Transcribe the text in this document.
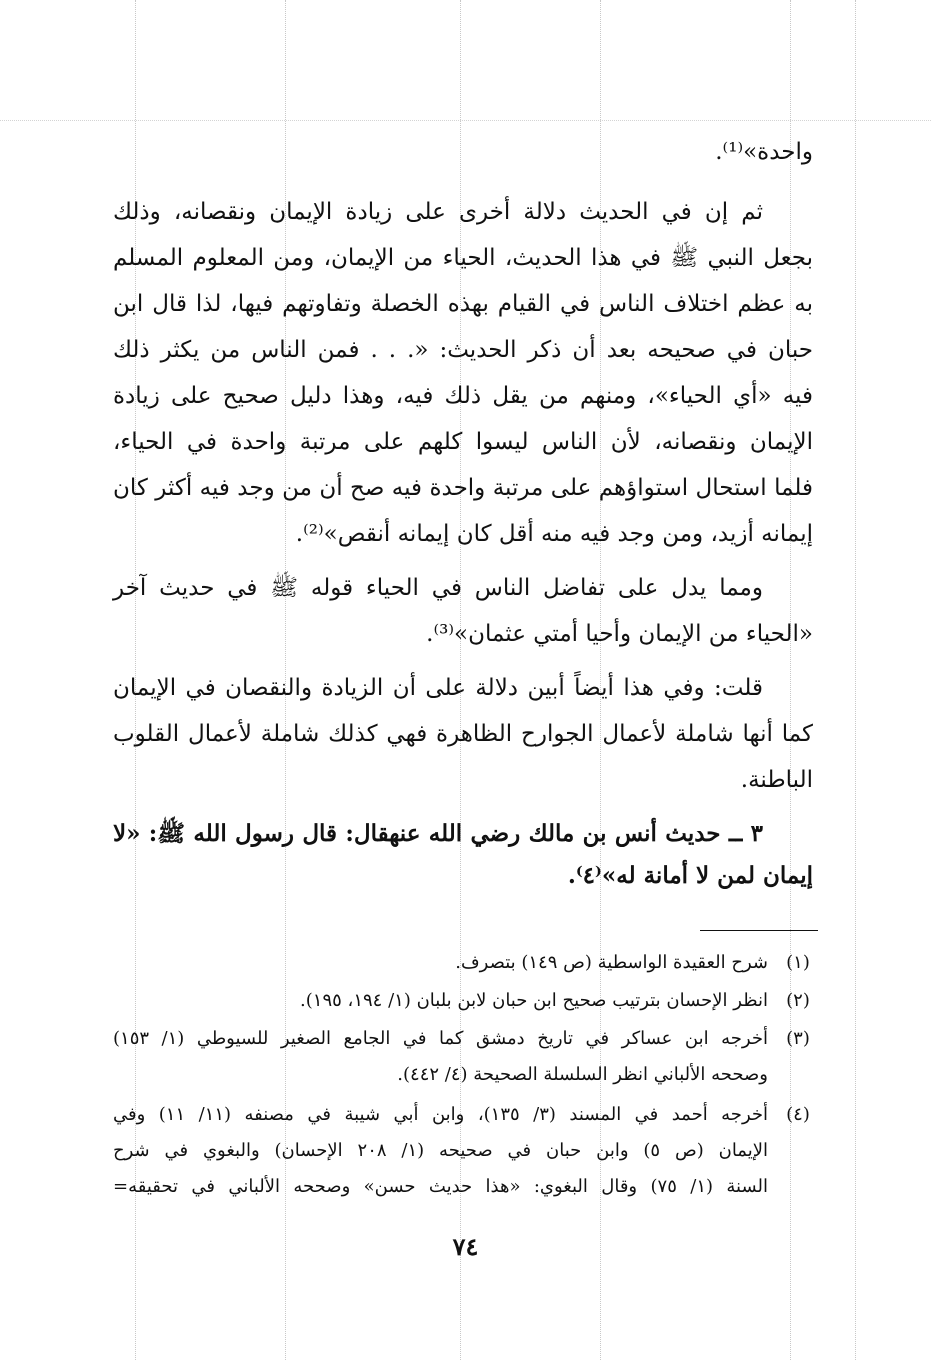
واحدة»⁽¹⁾.
ثم إن في الحديث دلالة أخرى على زيادة الإيمان ونقصانه، وذلك
بجعل النبي ﷺ في هذا الحديث، الحياء من الإيمان، ومن المعلوم المسلم
به عظم اختلاف الناس في القيام بهذه الخصلة وتفاوتهم فيها، لذا قال ابن
حبان في صحيحه بعد أن ذكر الحديث: «. . . فمن الناس من يكثر ذلك
فيه «أي الحياء»، ومنهم من يقل ذلك فيه، وهذا دليل صحيح على زيادة
الإيمان ونقصانه، لأن الناس ليسوا كلهم على مرتبة واحدة في الحياء،
فلما استحال استواؤهم على مرتبة واحدة فيه صح أن من وجد فيه أكثر كان
إيمانه أزيد، ومن وجد فيه منه أقل كان إيمانه أنقص»⁽²⁾.
ومما يدل على تفاضل الناس في الحياء قوله ﷺ في حديث آخر
«الحياء من الإيمان وأحيا أمتي عثمان»⁽³⁾.
قلت: وفي هذا أيضاً أبين دلالة على أن الزيادة والنقصان في الإيمان
كما أنها شاملة لأعمال الجوارح الظاهرة فهي كذلك شاملة لأعمال القلوب
الباطنة.
٣ ــ حديث أنس بن مالك رضي الله عنهقال: قال رسول الله ﷺ: «لا
إيمان لمن لا أمانة له»⁽٤⁾.
(١)
شرح العقيدة الواسطية (ص ١٤٩) بتصرف.
(٢)
انظر الإحسان بترتيب صحيح ابن حبان لابن بلبان (١/ ١٩٤، ١٩٥).
(٣)
أخرجه ابن عساكر في تاريخ دمشق كما في الجامع الصغير للسيوطي (١/ ١٥٣)
وصححه الألباني انظر السلسلة الصحيحة (٤/ ٤٤٢).
(٤)
أخرجه أحمد في المسند (٣/ ١٣٥)، وابن أبي شيبة في مصنفه (١١/ ١١) وفي
الإيمان (ص ٥) وابن حبان في صحيحه (١/ ٢٠٨ الإحسان) والبغوي في شرح
السنة (١/ ٧٥) وقال البغوي: «هذا حديث حسن» وصححه الألباني في تحقيقه=
٧٤
